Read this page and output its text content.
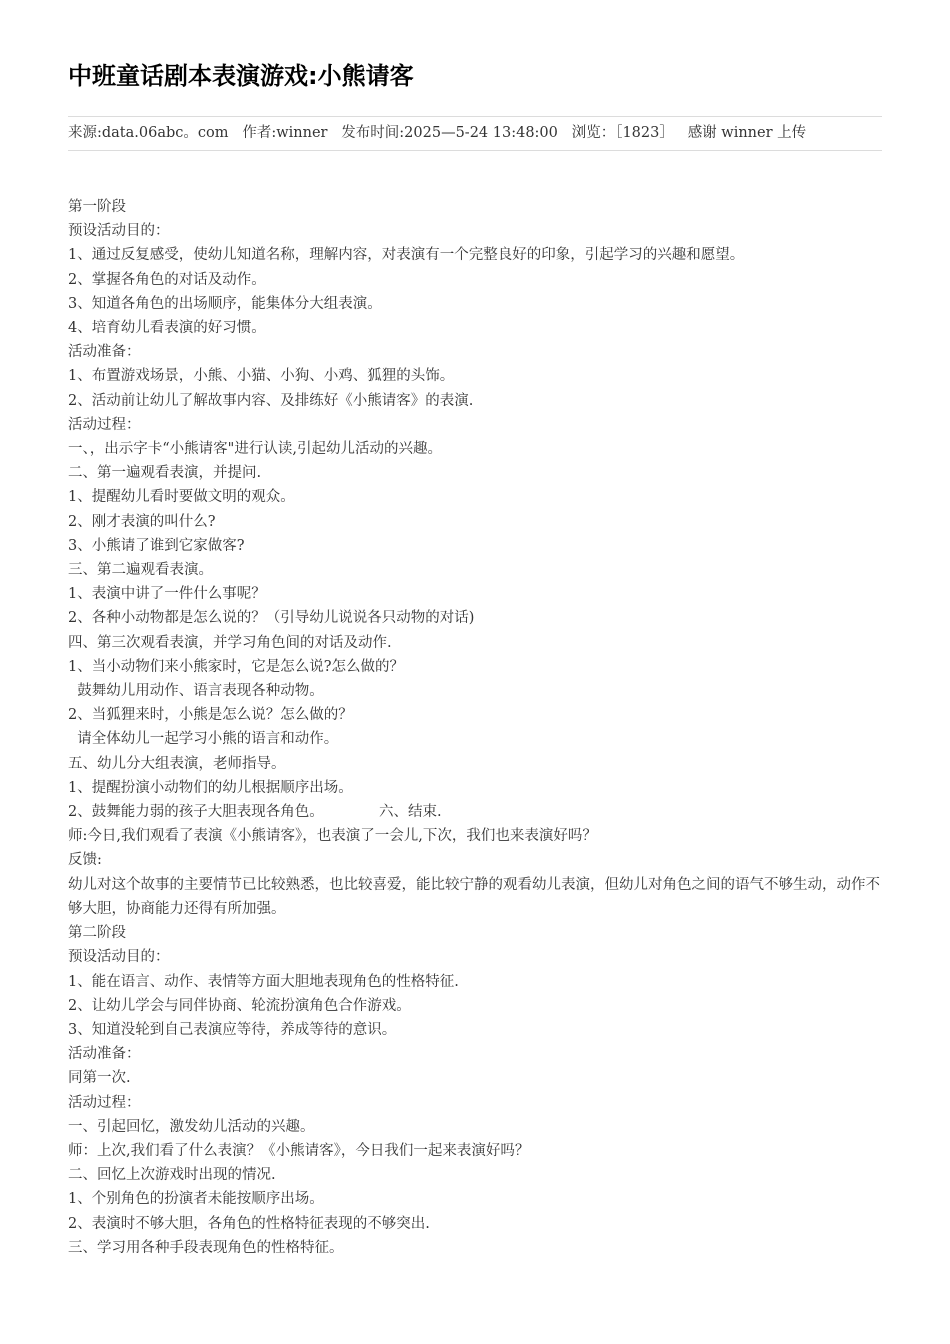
中班童话剧本表演游戏:小熊请客
来源:data.06abc。com 作者:winner 发布时间:2025—5-24 13:48:00 浏览：［1823］ 感谢 winner 上传
第一阶段
预设活动目的：
1、通过反复感受，使幼儿知道名称，理解内容，对表演有一个完整良好的印象，引起学习的兴趣和愿望。
2、掌握各角色的对话及动作。
3、知道各角色的出场顺序，能集体分大组表演。
4、培育幼儿看表演的好习惯。
活动准备：
1、布置游戏场景，小熊、小猫、小狗、小鸡、狐狸的头饰。
2、活动前让幼儿了解故事内容、及排练好《小熊请客》的表演.
活动过程：
一、，出示字卡“小熊请客"进行认读,引起幼儿活动的兴趣。
二、第一遍观看表演，并提问.
1、提醒幼儿看时要做文明的观众。
2、刚才表演的叫什么?
3、小熊请了谁到它家做客?
三、第二遍观看表演。
1、表演中讲了一件什么事呢？
2、各种小动物都是怎么说的？（引导幼儿说说各只动物的对话)
四、第三次观看表演，并学习角色间的对话及动作.
1、当小动物们来小熊家时，它是怎么说?怎么做的？
鼓舞幼儿用动作、语言表现各种动物。
2、当狐狸来时，小熊是怎么说？怎么做的？
请全体幼儿一起学习小熊的语言和动作。
五、幼儿分大组表演，老师指导。
1、提醒扮演小动物们的幼儿根据顺序出场。
2、鼓舞能力弱的孩子大胆表现各角色。            六、结束.
师:今日,我们观看了表演《小熊请客》，也表演了一会儿,下次，我们也来表演好吗？
反馈:
幼儿对这个故事的主要情节已比较熟悉，也比较喜爱，能比较宁静的观看幼儿表演，但幼儿对角色之间的语气不够生动，动作不够大胆，协商能力还得有所加强。
第二阶段
预设活动目的：
1、能在语言、动作、表情等方面大胆地表现角色的性格特征.
2、让幼儿学会与同伴协商、轮流扮演角色合作游戏。
3、知道没轮到自己表演应等待，养成等待的意识。
活动准备：
同第一次.
活动过程：
一、引起回忆，激发幼儿活动的兴趣。
师：上次,我们看了什么表演？《小熊请客》，今日我们一起来表演好吗？
二、回忆上次游戏时出现的情况.
1、个别角色的扮演者未能按顺序出场。
2、表演时不够大胆，各角色的性格特征表现的不够突出.
三、学习用各种手段表现角色的性格特征。
